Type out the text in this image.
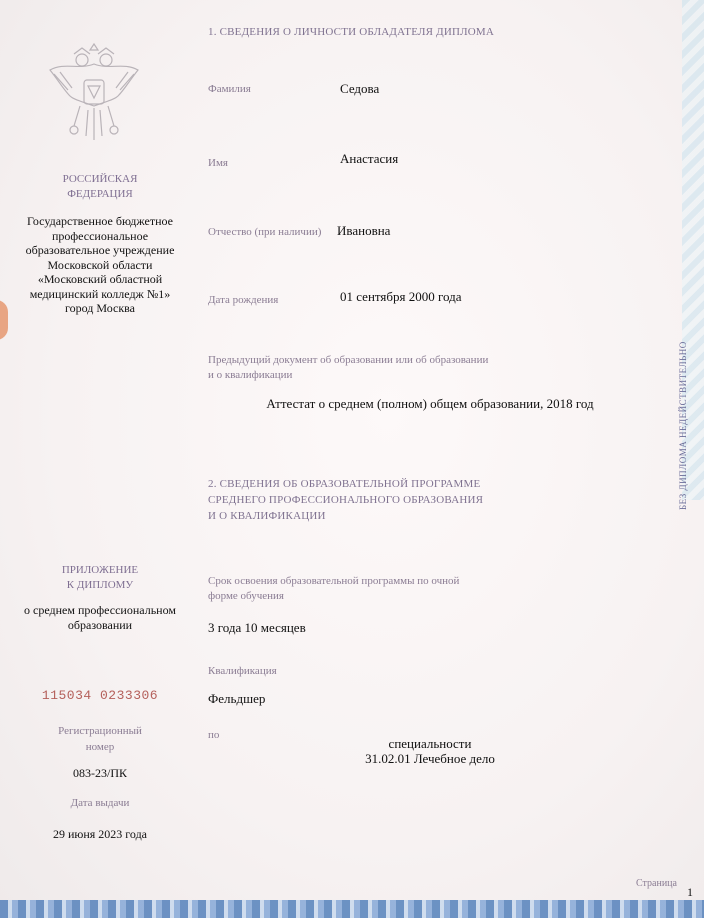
РОССИЙСКАЯ
ФЕДЕРАЦИЯ
Государственное бюджетное
профессиональное
образовательное учреждение
Московской области
«Московский областной
медицинский колледж №1»
город Москва
ПРИЛОЖЕНИЕ
К ДИПЛОМУ
о среднем профессиональном
образовании
115034 0233306
Регистрационный
номер
083-23/ПК
Дата выдачи
29 июня 2023 года
1. СВЕДЕНИЯ О ЛИЧНОСТИ ОБЛАДАТЕЛЯ ДИПЛОМА
Фамилия	Седова
Имя	Анастасия
Отчество (при наличии) Ивановна
Дата рождения	01 сентября 2000 года
Предыдущий документ об образовании или об образовании
и о квалификации
Аттестат о среднем (полном) общем образовании, 2018 год
2. СВЕДЕНИЯ ОБ ОБРАЗОВАТЕЛЬНОЙ ПРОГРАММЕ
СРЕДНЕГО ПРОФЕССИОНАЛЬНОГО ОБРАЗОВАНИЯ
И О КВАЛИФИКАЦИИ
Срок освоения образовательной программы по очной
форме обучения
3 года 10 месяцев
Квалификация
Фельдшер
по
специальности
31.02.01 Лечебное дело
БЕЗ ДИПЛОМА НЕДЕЙСТВИТЕЛЬНО
Страница
1
